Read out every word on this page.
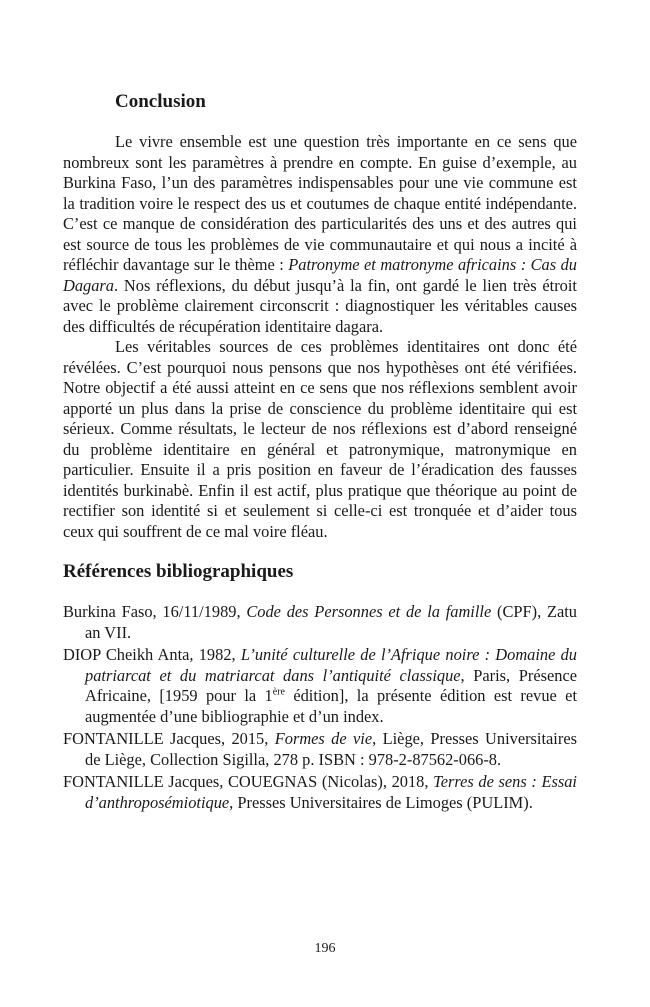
Conclusion

Le vivre ensemble est une question très importante en ce sens que nombreux sont les paramètres à prendre en compte. En guise d’exemple, au Burkina Faso, l’un des paramètres indispensables pour une vie commune est la tradition voire le respect des us et coutumes de chaque entité indépendante. C’est ce manque de considération des particularités des uns et des autres qui est source de tous les problèmes de vie communautaire et qui nous a incité à réfléchir davantage sur le thème : Patronyme et matronyme africains : Cas du Dagara. Nos réflexions, du début jusqu’à la fin, ont gardé le lien très étroit avec le problème clairement circonscrit : diagnostiquer les véritables causes des difficultés de récupération identitaire dagara.

Les véritables sources de ces problèmes identitaires ont donc été révélées. C’est pourquoi nous pensons que nos hypothèses ont été vérifiées. Notre objectif a été aussi atteint en ce sens que nos réflexions semblent avoir apporté un plus dans la prise de conscience du problème identitaire qui est sérieux. Comme résultats, le lecteur de nos réflexions est d’abord renseigné du problème identitaire en général et patronymique, matronymique en particulier. Ensuite il a pris position en faveur de l’éradication des fausses identités burkinabè. Enfin il est actif, plus pratique que théorique au point de rectifier son identité si et seulement si celle-ci est tronquée et d’aider tous ceux qui souffrent de ce mal voire fléau.

Références bibliographiques

Burkina Faso, 16/11/1989, Code des Personnes et de la famille (CPF), Zatu an VII.

DIOP Cheikh Anta, 1982, L’unité culturelle de l’Afrique noire : Domaine du patriarcat et du matriarcat dans l’antiquité classique, Paris, Présence Africaine, [1959 pour la 1ère édition], la présente édition est revue et augmentée d’une bibliographie et d’un index.

FONTANILLE Jacques, 2015, Formes de vie, Liège, Presses Universitaires de Liège, Collection Sigilla, 278 p. ISBN : 978-2-87562-066-8.

FONTANILLE Jacques, COUEGNAS (Nicolas), 2018, Terres de sens : Essai d’anthroposémiotique, Presses Universitaires de Limoges (PULIM).

196
